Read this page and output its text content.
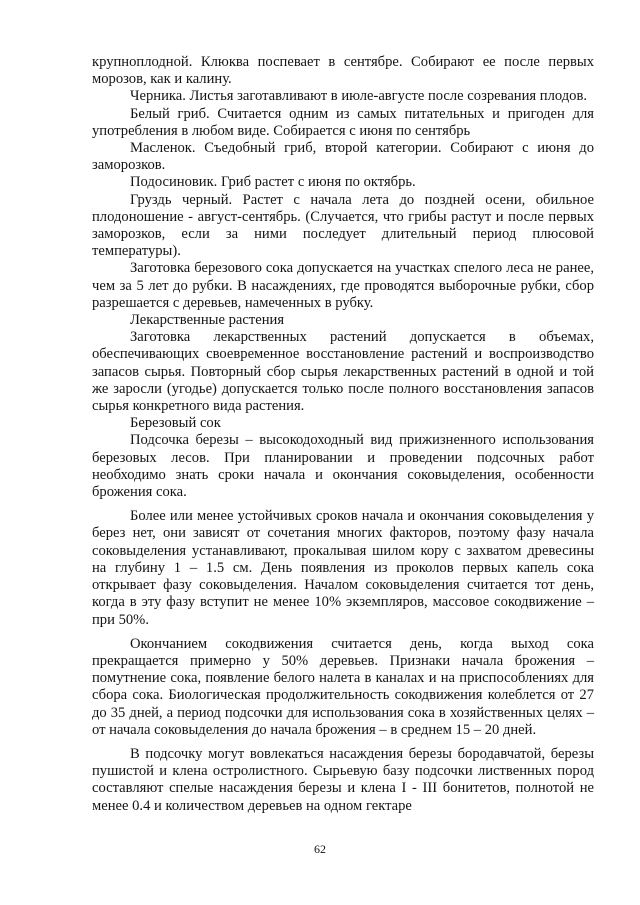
крупноплодной. Клюква поспевает в сентябре. Собирают ее после первых морозов, как и калину.

Черника. Листья заготавливают в июле-августе после созревания плодов.

Белый гриб. Считается одним из самых питательных и пригоден для употребления в любом виде. Собирается с июня по сентябрь

Масленок. Съедобный гриб, второй категории. Собирают с июня до заморозков.

Подосиновик. Гриб растет с июня по октябрь.

Груздь черный. Растет с начала лета до поздней осени, обильное плодоношение - август-сентябрь. (Случается, что грибы растут и после первых заморозков, если за ними последует длительный период плюсовой температуры).

Заготовка березового сока допускается на участках спелого леса не ранее, чем за 5 лет до рубки. В насаждениях, где проводятся выборочные рубки, сбор разрешается с деревьев, намеченных в рубку.

Лекарственные растения

Заготовка лекарственных растений допускается в объемах, обеспечивающих своевременное восстановление растений и воспроизводство запасов сырья. Повторный сбор сырья лекарственных растений в одной и той же заросли (угодье) допускается только после полного восстановления запасов сырья конкретного вида растения.

Березовый сок

Подсочка березы – высокодоходный вид прижизненного использования березовых лесов. При планировании и проведении подсочных работ необходимо знать сроки начала и окончания соковыделения, особенности брожения сока.

Более или менее устойчивых сроков начала и окончания соковыделения у берез нет, они зависят от сочетания многих факторов, поэтому фазу начала соковыделения устанавливают, прокалывая шилом кору с захватом древесины на глубину 1 – 1.5 см. День появления из проколов первых капель сока открывает фазу соковыделения. Началом соковыделения считается тот день, когда в эту фазу вступит не менее 10% экземпляров, массовое сокодвижение – при 50%.

Окончанием сокодвижения считается день, когда выход сока прекращается примерно у 50% деревьев. Признаки начала брожения – помутнение сока, появление белого налета в каналах и на приспособлениях для сбора сока. Биологическая продолжительность сокодвижения колеблется от 27 до 35 дней, а период подсочки для использования сока в хозяйственных целях – от начала соковыделения до начала брожения – в среднем 15 – 20 дней.

В подсочку могут вовлекаться насаждения березы бородавчатой, березы пушистой и клена остролистного. Сырьевую базу подсочки лиственных пород составляют спелые насаждения березы и клена I - III бонитетов, полнотой не менее 0.4 и количеством деревьев на одном гектаре

62
